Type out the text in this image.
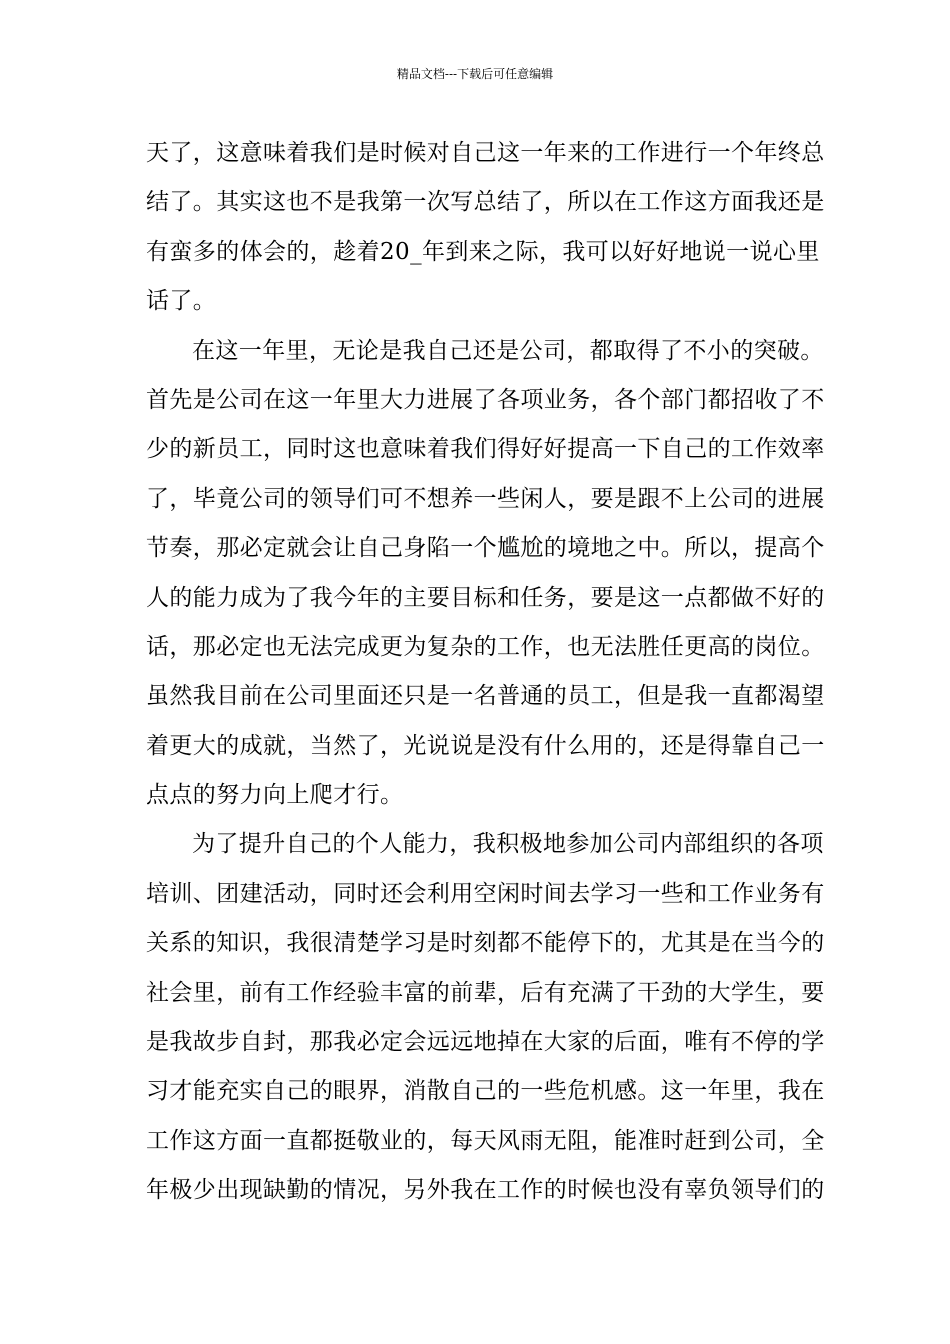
精品文档---下载后可任意编辑
天了，这意味着我们是时候对自己这一年来的工作进行一个年终总
结了。其实这也不是我第一次写总结了，所以在工作这方面我还是
有蛮多的体会的，趁着20_年到来之际，我可以好好地说一说心里
话了。
在这一年里，无论是我自己还是公司，都取得了不小的突破。
首先是公司在这一年里大力进展了各项业务，各个部门都招收了不
少的新员工，同时这也意味着我们得好好提高一下自己的工作效率
了，毕竟公司的领导们可不想养一些闲人，要是跟不上公司的进展
节奏，那必定就会让自己身陷一个尴尬的境地之中。所以，提高个
人的能力成为了我今年的主要目标和任务，要是这一点都做不好的
话，那必定也无法完成更为复杂的工作，也无法胜任更高的岗位。
虽然我目前在公司里面还只是一名普通的员工，但是我一直都渴望
着更大的成就，当然了，光说说是没有什么用的，还是得靠自己一
点点的努力向上爬才行。
为了提升自己的个人能力，我积极地参加公司内部组织的各项
培训、团建活动，同时还会利用空闲时间去学习一些和工作业务有
关系的知识，我很清楚学习是时刻都不能停下的，尤其是在当今的
社会里，前有工作经验丰富的前辈，后有充满了干劲的大学生，要
是我故步自封，那我必定会远远地掉在大家的后面，唯有不停的学
习才能充实自己的眼界，消散自己的一些危机感。这一年里，我在
工作这方面一直都挺敬业的，每天风雨无阻，能准时赶到公司，全
年极少出现缺勤的情况，另外我在工作的时候也没有辜负领导们的
